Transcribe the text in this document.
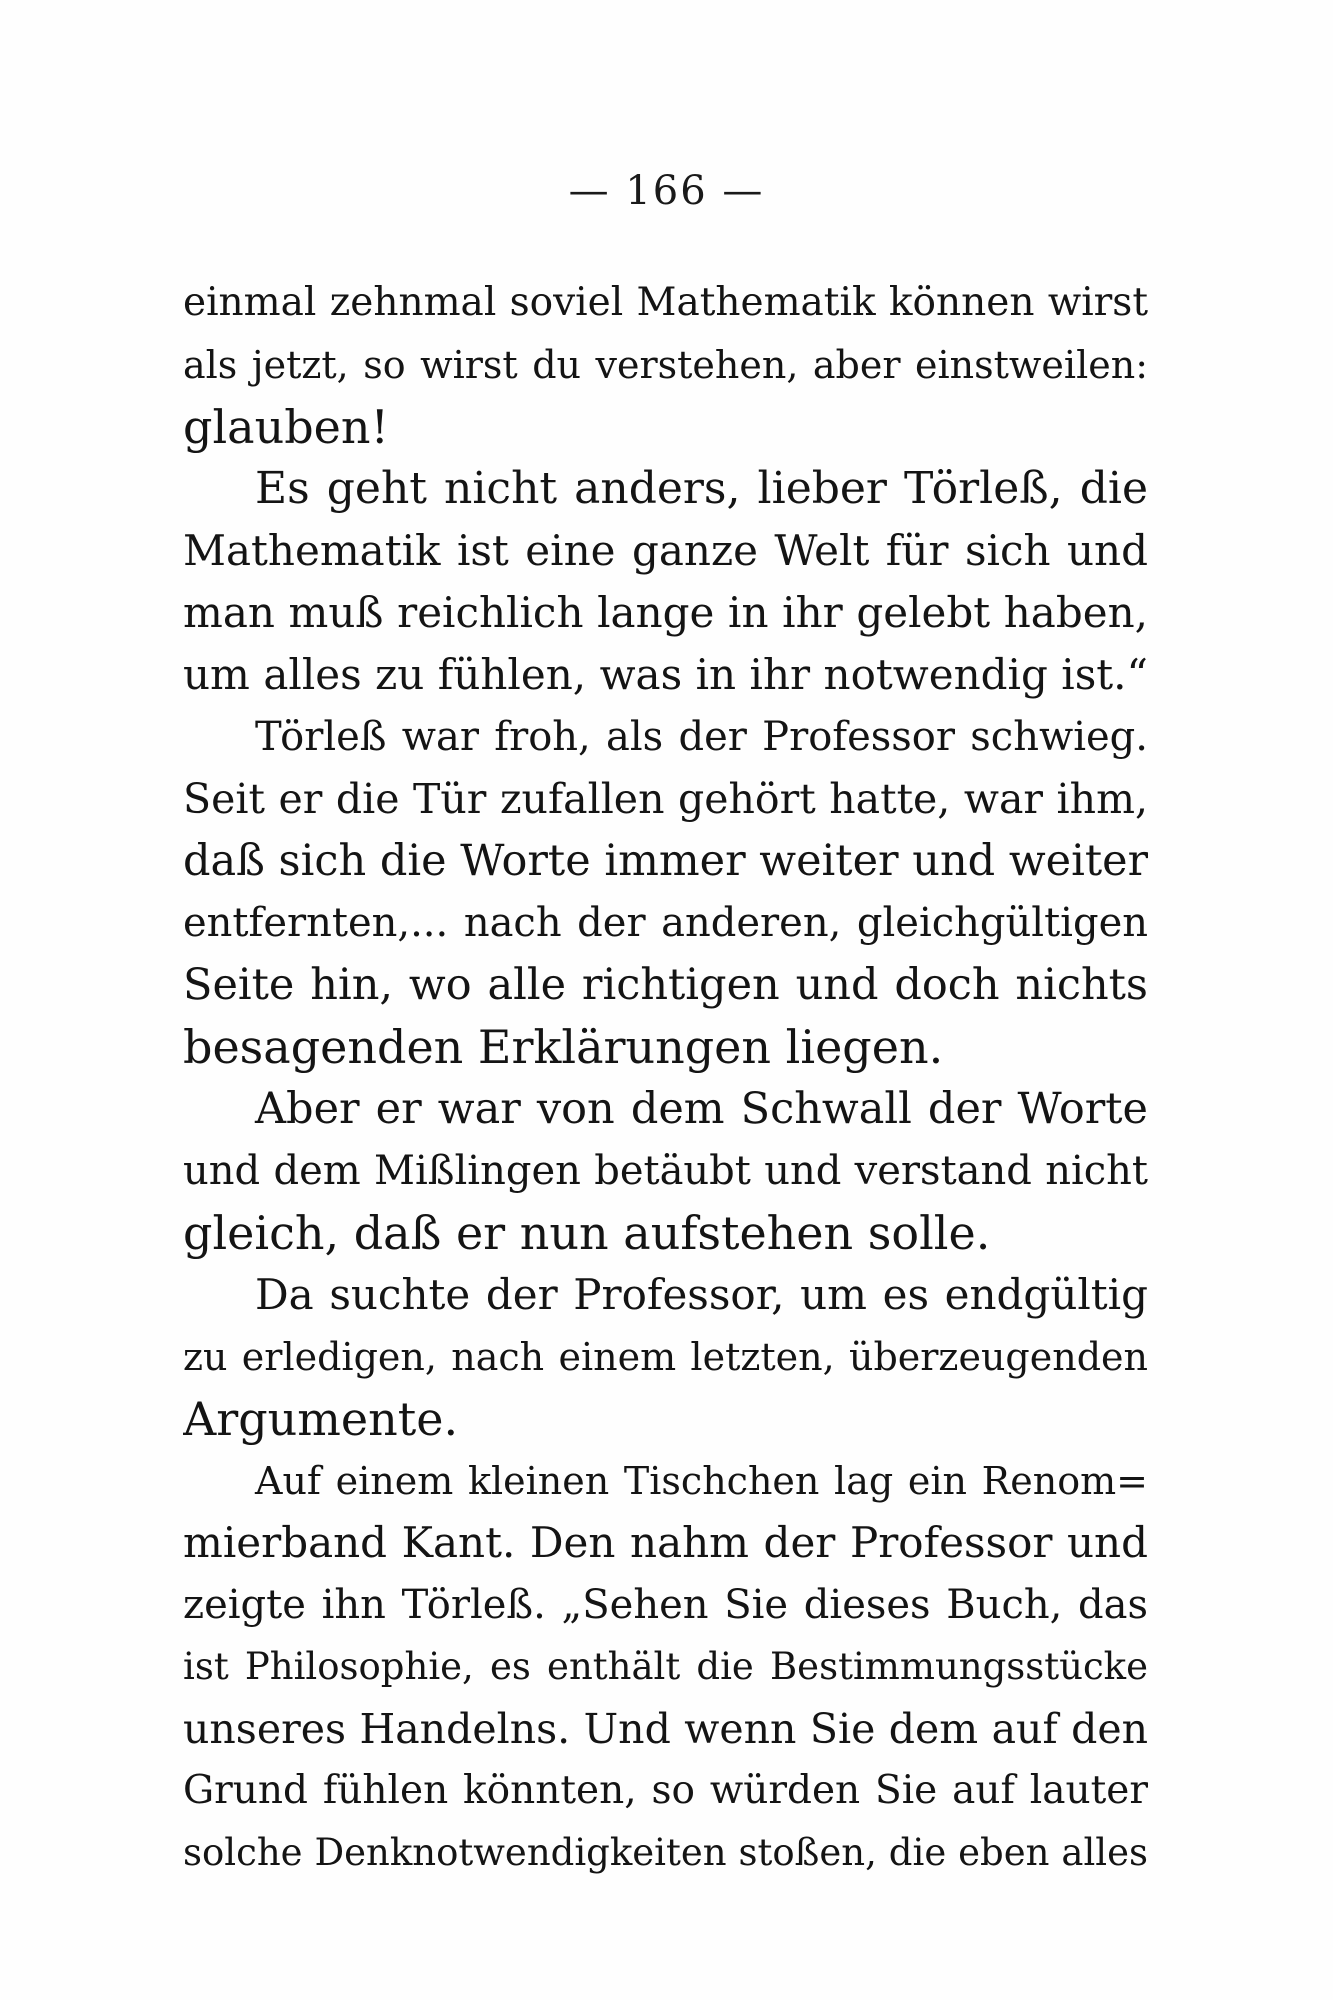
— 166 —
einmal zehnmal soviel Mathematik können wirst
als jetzt, so wirst du verstehen, aber einstweilen:
glauben!
Es geht nicht anders, lieber Törleß, die
Mathematik ist eine ganze Welt für sich und
man muß reichlich lange in ihr gelebt haben,
um alles zu fühlen, was in ihr notwendig ist.“
Törleß war froh, als der Professor schwieg.
Seit er die Tür zufallen gehört hatte, war ihm,
daß sich die Worte immer weiter und weiter
entfernten,... nach der anderen, gleichgültigen
Seite hin, wo alle richtigen und doch nichts
besagenden Erklärungen liegen.
Aber er war von dem Schwall der Worte
und dem Mißlingen betäubt und verstand nicht
gleich, daß er nun aufstehen solle.
Da suchte der Professor, um es endgültig
zu erledigen, nach einem letzten, überzeugenden
Argumente.
Auf einem kleinen Tischchen lag ein Renom=
mierband Kant. Den nahm der Professor und
zeigte ihn Törleß. „Sehen Sie dieses Buch, das
ist Philosophie, es enthält die Bestimmungsstücke
unseres Handelns. Und wenn Sie dem auf den
Grund fühlen könnten, so würden Sie auf lauter
solche Denknotwendigkeiten stoßen, die eben alles
